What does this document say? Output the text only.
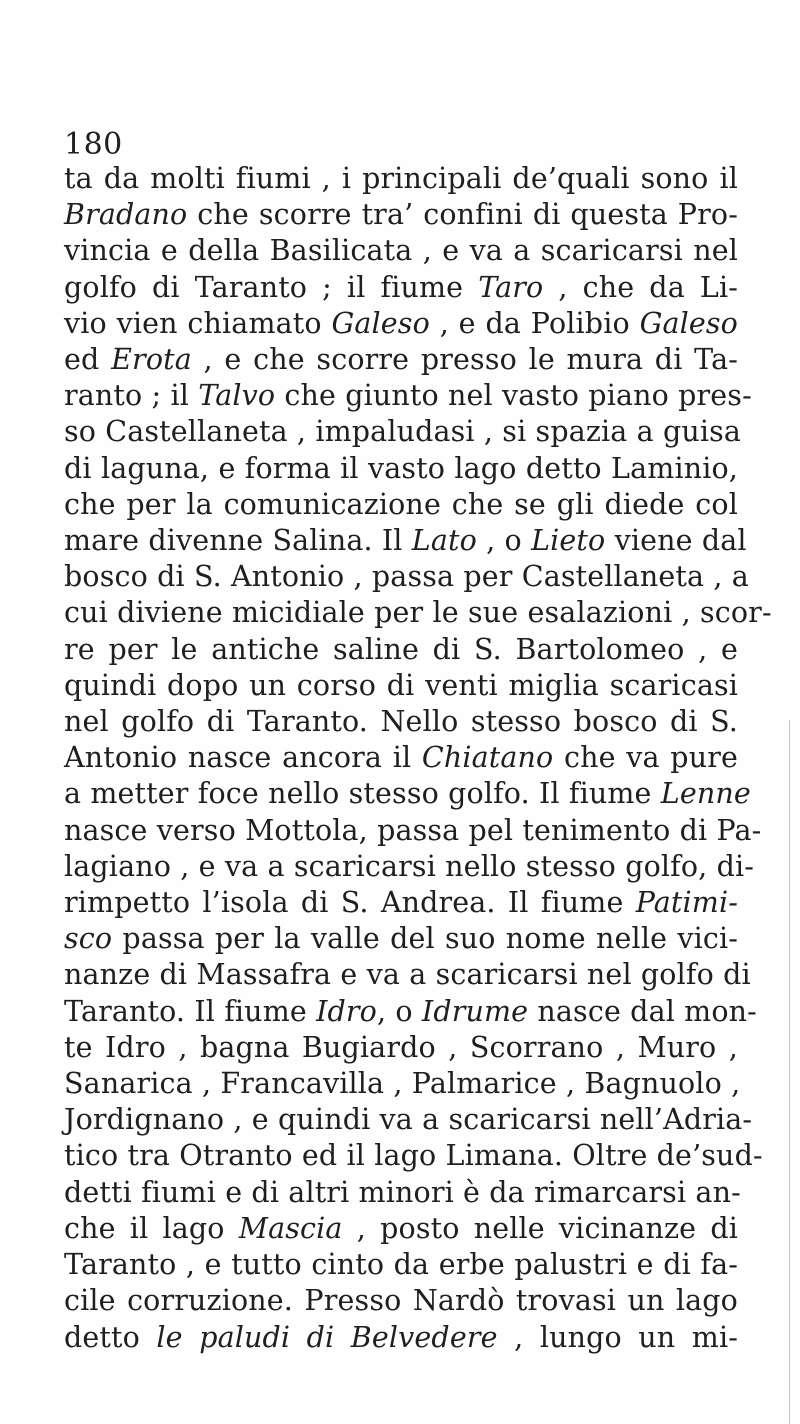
180
ta da molti fiumi , i principali de’quali sono il
Bradano che scorre tra’ confini di questa Pro-
vincia e della Basilicata , e va a scaricarsi nel
golfo di Taranto ; il fiume Taro , che da Li-
vio vien chiamato Galeso , e da Polibio Galeso
ed Erota , e che scorre presso le mura di Ta-
ranto ; il Talvo che giunto nel vasto piano pres-
so Castellaneta , impaludasi , si spazia a guisa
di laguna, e forma il vasto lago detto Laminio,
che per la comunicazione che se gli diede col
mare divenne Salina. Il Lato , o Lieto viene dal
bosco di S. Antonio , passa per Castellaneta , a
cui diviene micidiale per le sue esalazioni , scor-
re per le antiche saline di S. Bartolomeo , e
quindi dopo un corso di venti miglia scaricasi
nel golfo di Taranto. Nello stesso bosco di S.
Antonio nasce ancora il Chiatano che va pure
a metter foce nello stesso golfo. Il fiume Lenne
nasce verso Mottola, passa pel tenimento di Pa-
lagiano , e va a scaricarsi nello stesso golfo, di-
rimpetto l’isola di S. Andrea. Il fiume Patimi-
sco passa per la valle del suo nome nelle vici-
nanze di Massafra e va a scaricarsi nel golfo di
Taranto. Il fiume Idro, o Idrume nasce dal mon-
te Idro , bagna Bugiardo , Scorrano , Muro ,
Sanarica , Francavilla , Palmarice , Bagnuolo ,
Jordignano , e quindi va a scaricarsi nell’Adria-
tico tra Otranto ed il lago Limana. Oltre de’sud-
detti fiumi e di altri minori è da rimarcarsi an-
che il lago Mascia , posto nelle vicinanze di
Taranto , e tutto cinto da erbe palustri e di fa-
cile corruzione. Presso Nardò trovasi un lago
detto le paludi di Belvedere , lungo un mi-
